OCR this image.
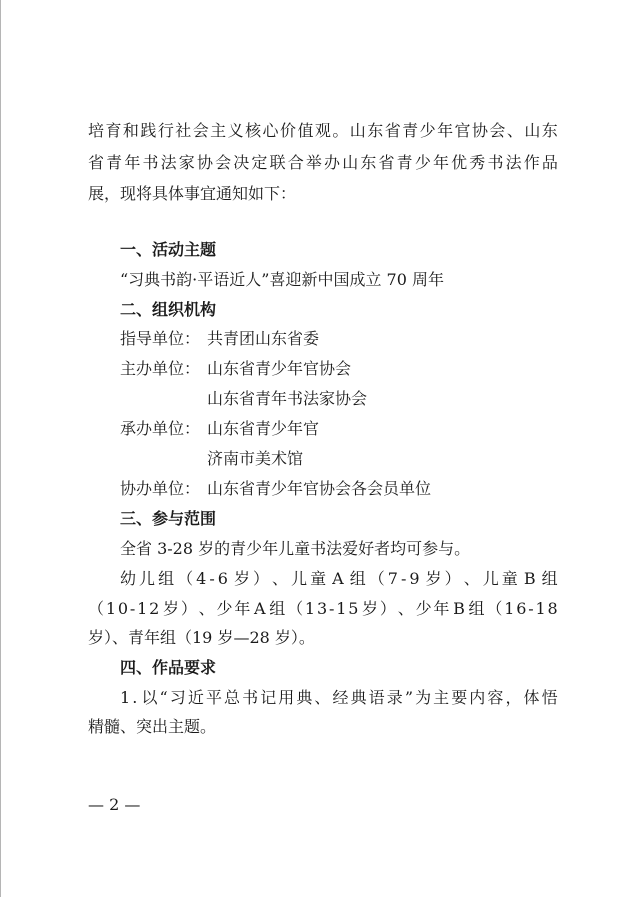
培 育 和 践 行 社 会 主 义 核 心 价 值 观 。 山 东 省 青 少 年 官 协 会 、 山 东
省 青 年 书 法 家 协 会 决 定 联 合 举 办 山 东 省 青 少 年 优 秀 书 法 作 品
展，现将具体事宜通知如下：
一、活动主题
“习典书韵·平语近人”喜迎新中国成立 70 周年
二、组织机构
指导单位： 共青团山东省委
主办单位： 山东省青少年官协会
山东省青年书法家协会
承办单位： 山东省青少年官
济南市美术馆
协办单位： 山东省青少年官协会各会员单位
三、参与范围
全省 3-28 岁的青少年儿童书法爱好者均可参与。
幼 儿 组 （ 4 - 6 岁 ） 、 儿 童 A 组 （ 7 - 9 岁 ） 、 儿 童 B 组
（ 1 0 - 1 2 岁 ） 、 少 年 A 组 （ 1 3 - 1 5 岁 ） 、 少 年 B 组 （ 1 6 - 1 8
岁）、青年组（19 岁—28 岁）。
四、作品要求
1 . 以 “ 习 近 平 总 书 记 用 典 、 经 典 语 录 ” 为 主 要 内 容 ， 体 悟
精髓、突出主题。
— 2 —
